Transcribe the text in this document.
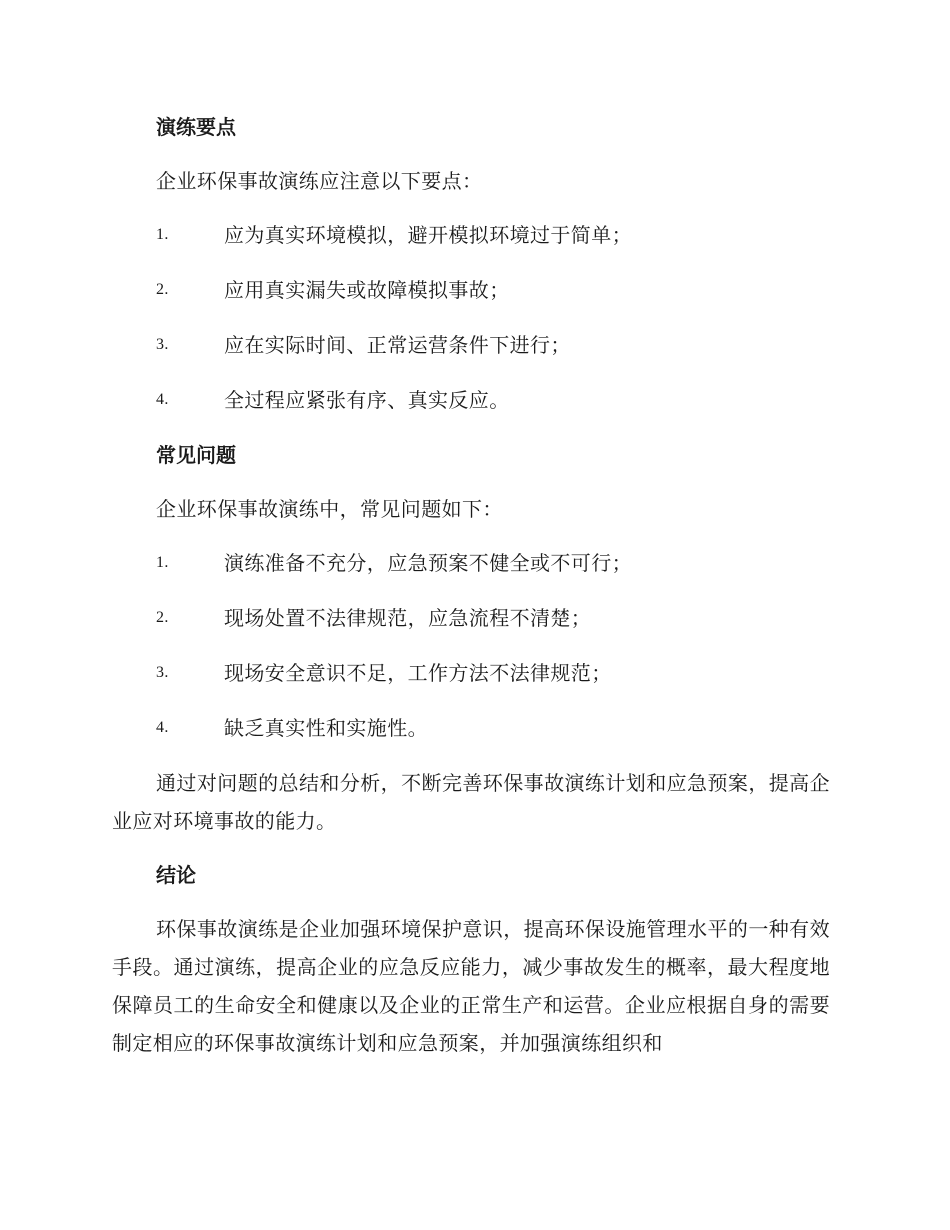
演练要点

企业环保事故演练应注意以下要点：

1.	应为真实环境模拟，避开模拟环境过于简单；
2.	应用真实漏失或故障模拟事故；
3.	应在实际时间、正常运营条件下进行；
4.	全过程应紧张有序、真实反应。
常见问题

企业环保事故演练中，常见问题如下：

1.	演练准备不充分，应急预案不健全或不可行；
2.	现场处置不法律规范，应急流程不清楚；
3.	现场安全意识不足，工作方法不法律规范；
4.	缺乏真实性和实施性。

通过对问题的总结和分析，不断完善环保事故演练计划和应急预案，提高企业应对环境事故的能力。

结论

环保事故演练是企业加强环境保护意识，提高环保设施管理水平的一种有效手段。通过演练，提高企业的应急反应能力，减少事故发生的概率，最大程度地保障员工的生命安全和健康以及企业的正常生产和运营。企业应根据自身的需要制定相应的环保事故演练计划和应急预案，并加强演练组织和
